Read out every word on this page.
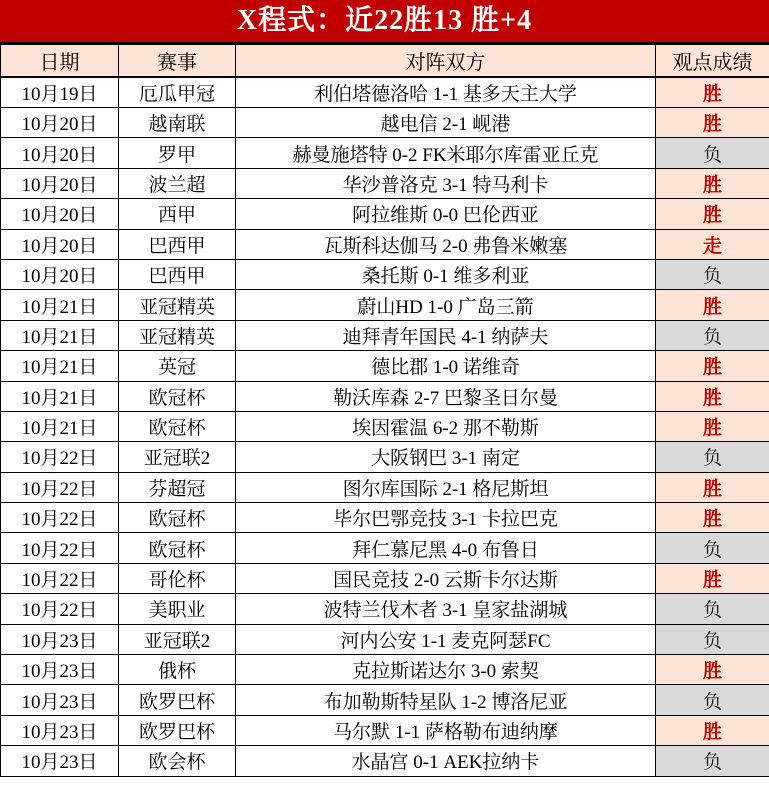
X程式：近22胜13 胜+4
日期	赛事	对阵双方	观点成绩
10月19日	厄瓜甲冠	利伯塔德洛哈 1-1 基多天主大学	胜
10月20日	越南联	越电信 2-1 岘港	胜
10月20日	罗甲	赫曼施塔特 0-2 FK米耶尔库雷亚丘克	负
10月20日	波兰超	华沙普洛克 3-1 特马利卡	胜
10月20日	西甲	阿拉维斯 0-0 巴伦西亚	胜
10月20日	巴西甲	瓦斯科达伽马 2-0 弗鲁米嫩塞	走
10月20日	巴西甲	桑托斯 0-1 维多利亚	负
10月21日	亚冠精英	蔚山HD 1-0 广岛三箭	胜
10月21日	亚冠精英	迪拜青年国民 4-1 纳萨夫	负
10月21日	英冠	德比郡 1-0 诺维奇	胜
10月21日	欧冠杯	勒沃库森 2-7 巴黎圣日尔曼	胜
10月21日	欧冠杯	埃因霍温 6-2 那不勒斯	胜
10月22日	亚冠联2	大阪钢巴 3-1 南定	负
10月22日	芬超冠	图尔库国际 2-1 格尼斯坦	胜
10月22日	欧冠杯	毕尔巴鄂竞技 3-1 卡拉巴克	胜
10月22日	欧冠杯	拜仁慕尼黑 4-0 布鲁日	负
10月22日	哥伦杯	国民竞技 2-0 云斯卡尔达斯	胜
10月22日	美职业	波特兰伐木者 3-1 皇家盐湖城	负
10月23日	亚冠联2	河内公安 1-1 麦克阿瑟FC	负
10月23日	俄杯	克拉斯诺达尔 3-0 索契	胜
10月23日	欧罗巴杯	布加勒斯特星队 1-2 博洛尼亚	负
10月23日	欧罗巴杯	马尔默 1-1 萨格勒布迪纳摩	胜
10月23日	欧会杯	水晶宫 0-1 AEK拉纳卡	负
